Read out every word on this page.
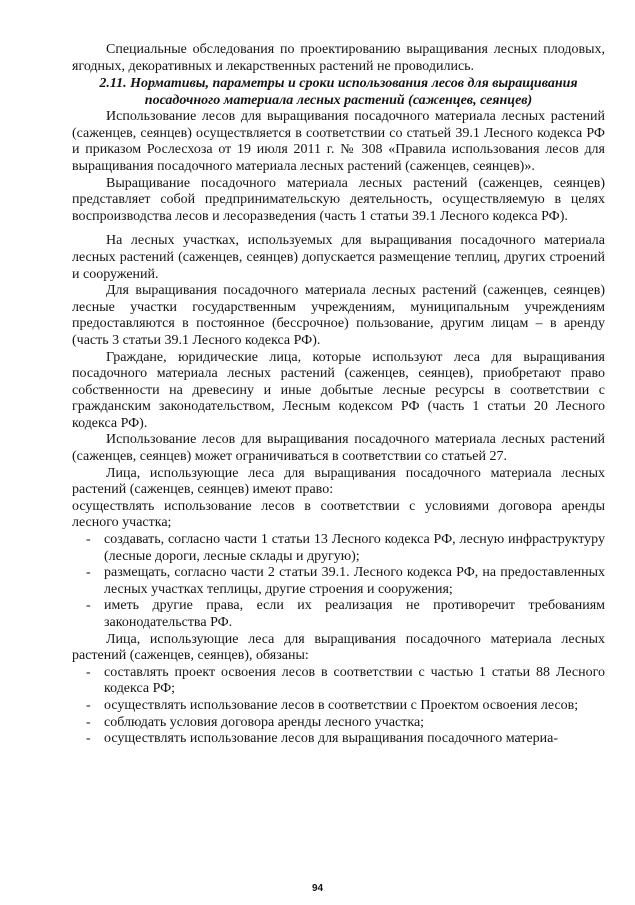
Специальные обследования по проектированию выращивания лесных плодовых, ягодных, декоративных и лекарственных растений не проводились.

2.11. Нормативы, параметры и сроки использования лесов для выращивания посадочного материала лесных растений (саженцев, сеянцев)

Использование лесов для выращивания посадочного материала лесных растений (саженцев, сеянцев) осуществляется в соответствии со статьей 39.1 Лесного кодекса РФ и приказом Рослесхоза от 19 июля 2011 г. № 308 «Правила использования лесов для выращивания посадочного материала лесных растений (саженцев, сеянцев)».

Выращивание посадочного материала лесных растений (саженцев, сеянцев) представляет собой предпринимательскую деятельность, осуществляемую в целях воспроизводства лесов и лесоразведения (часть 1 статьи 39.1 Лесного кодекса РФ).

На лесных участках, используемых для выращивания посадочного материала лесных растений (саженцев, сеянцев) допускается размещение теплиц, других строений и сооружений.

Для выращивания посадочного материала лесных растений (саженцев, сеянцев) лесные участки государственным учреждениям, муниципальным учреждениям предоставляются в постоянное (бессрочное) пользование, другим лицам – в аренду (часть 3 статьи 39.1 Лесного кодекса РФ).

Граждане, юридические лица, которые используют леса для выращивания посадочного материала лесных растений (саженцев, сеянцев), приобретают право собственности на древесину и иные добытые лесные ресурсы в соответствии с гражданским законодательством, Лесным кодексом РФ (часть 1 статьи 20 Лесного кодекса РФ).

Использование лесов для выращивания посадочного материала лесных растений (саженцев, сеянцев) может ограничиваться в соответствии со статьей 27.

Лица, использующие леса для выращивания посадочного материала лесных растений (саженцев, сеянцев) имеют право:

осуществлять использование лесов в соответствии с условиями договора аренды лесного участка;

- создавать, согласно части 1 статьи 13 Лесного кодекса РФ, лесную инфраструктуру (лесные дороги, лесные склады и другую);
- размещать, согласно части 2 статьи 39.1. Лесного кодекса РФ, на предоставленных лесных участках теплицы, другие строения и сооружения;
- иметь другие права, если их реализация не противоречит требованиям законодательства РФ.

Лица, использующие леса для выращивания посадочного материала лесных растений (саженцев, сеянцев), обязаны:

- составлять проект освоения лесов в соответствии с частью 1 статьи 88 Лесного кодекса РФ;
- осуществлять использование лесов в соответствии с Проектом освоения лесов;
- соблюдать условия договора аренды лесного участка;
- осуществлять использование лесов для выращивания посадочного материа-
94
